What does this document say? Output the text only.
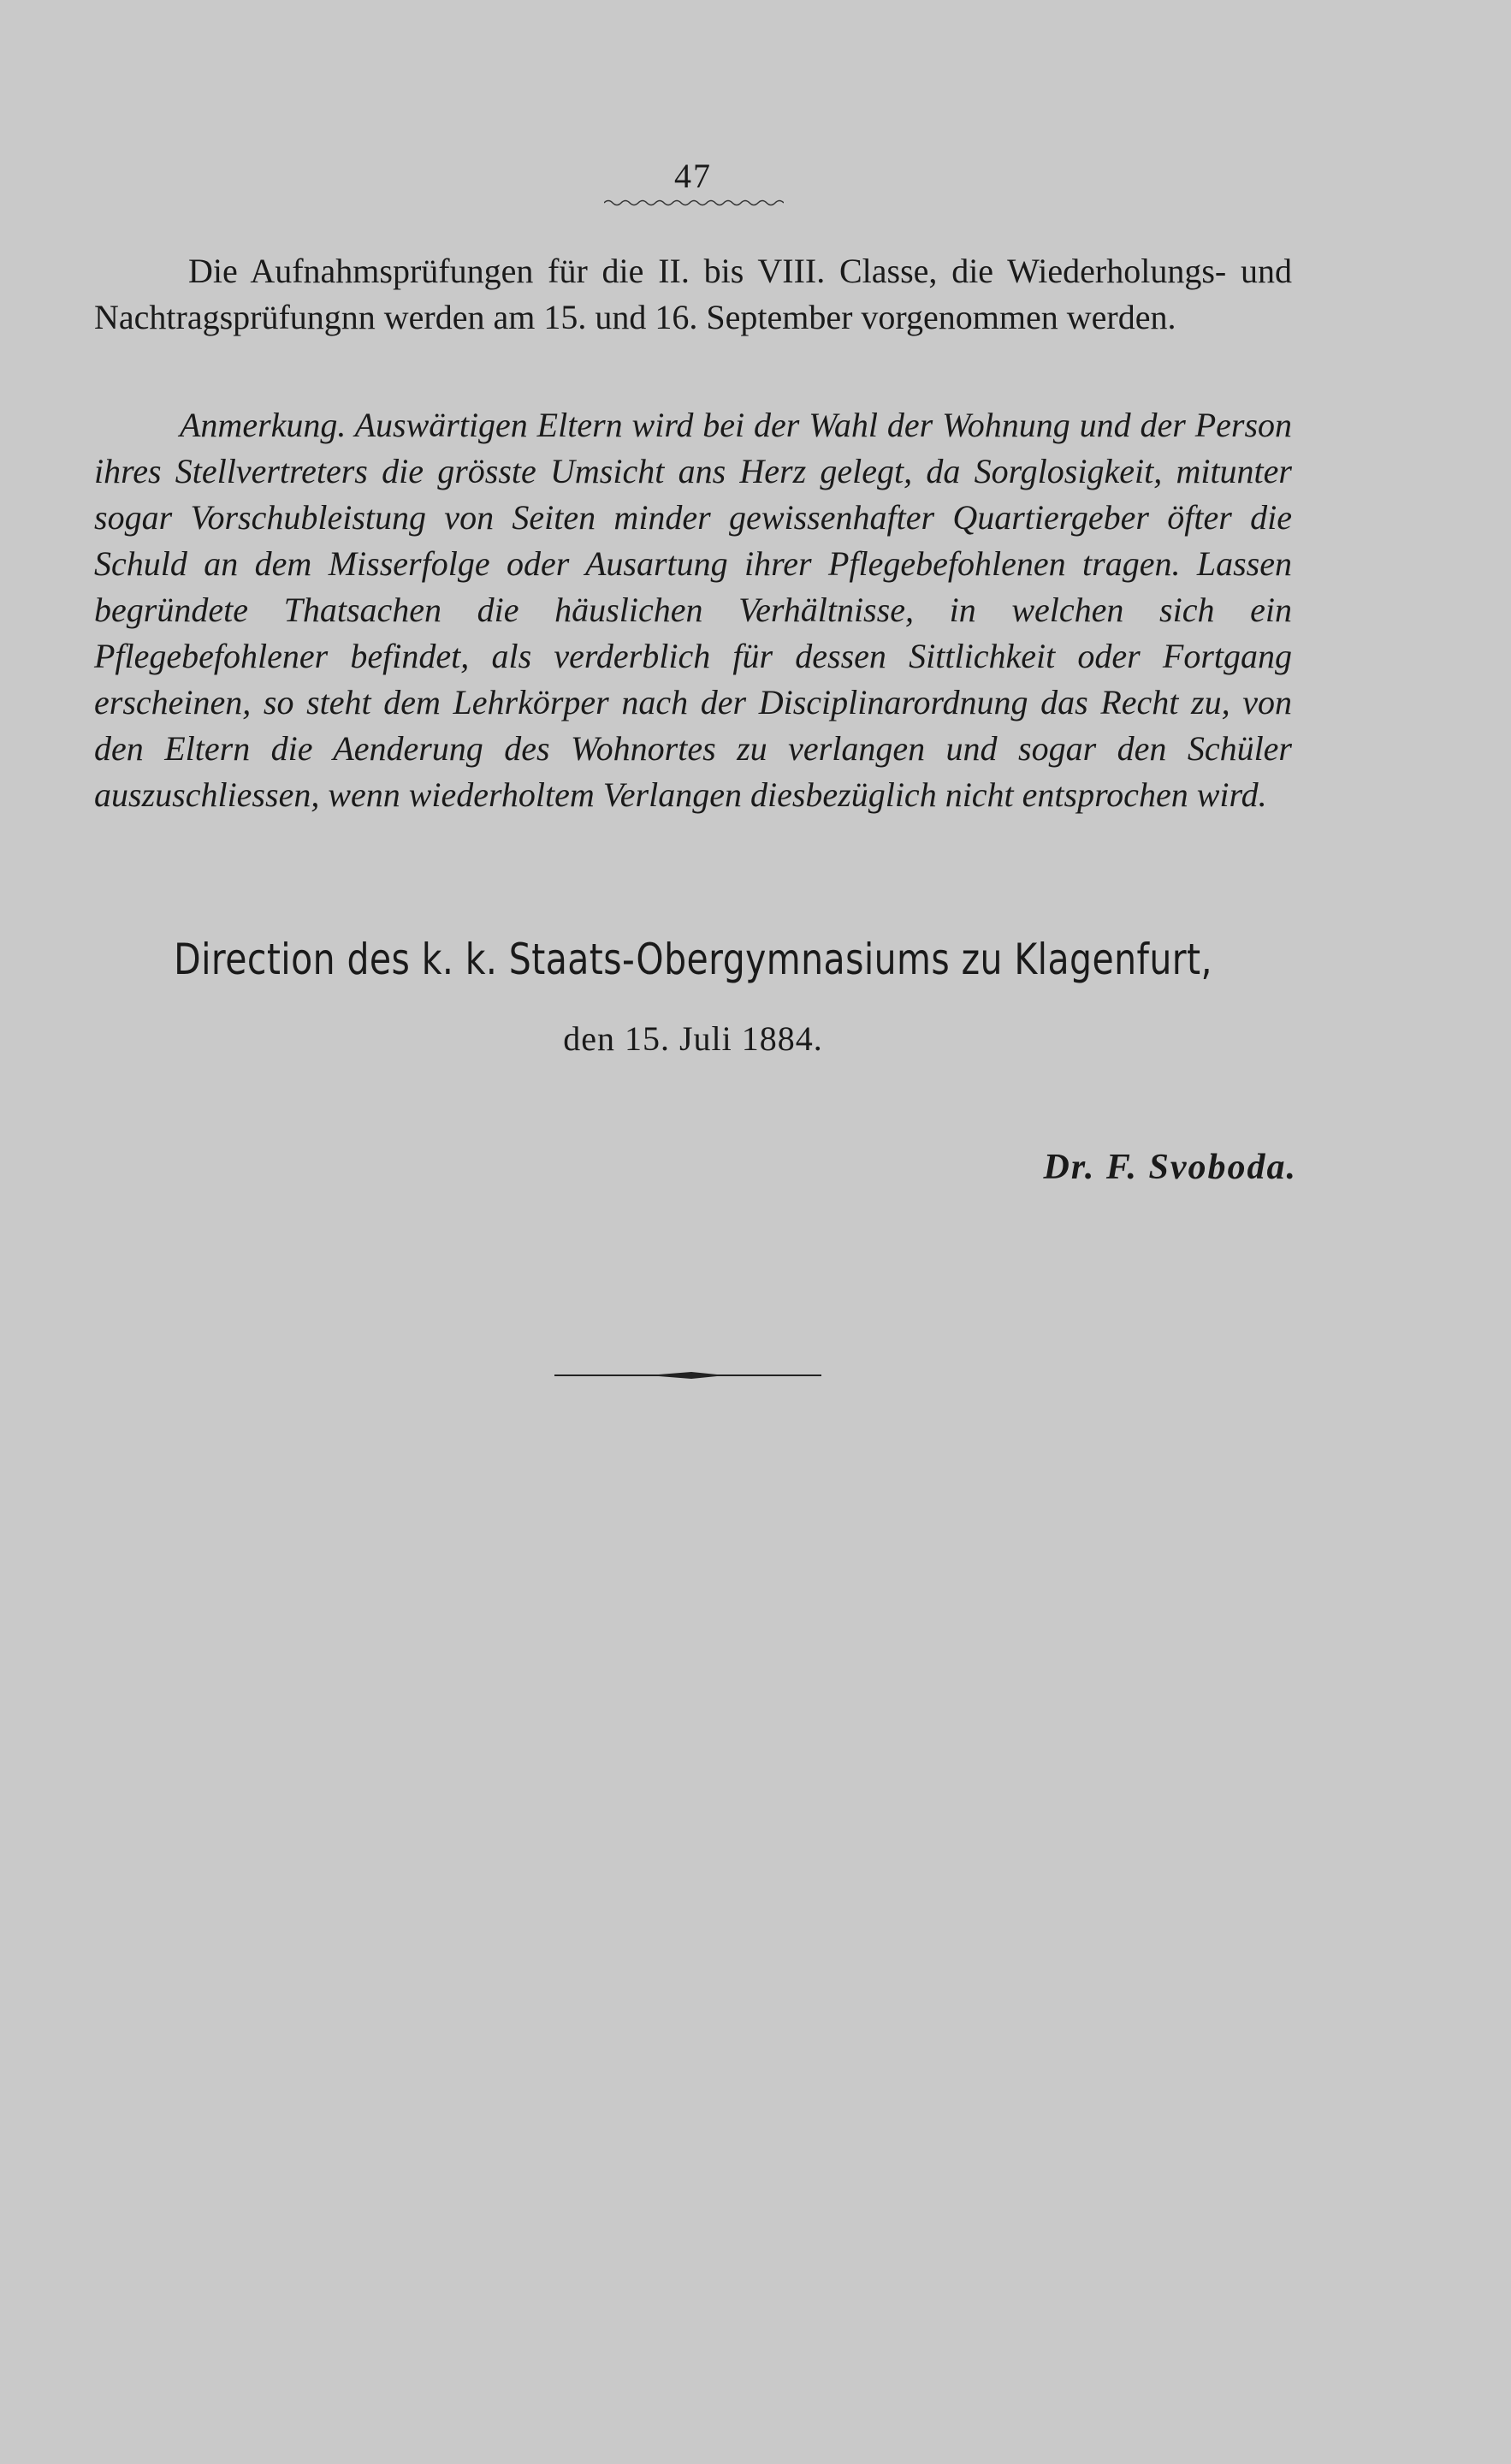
47
Die Aufnahmsprüfungen für die II. bis VIII. Classe, die Wiederholungs- und Nachtragsprüfungnn werden am 15. und 16. September vorgenommen werden.
Anmerkung. Auswärtigen Eltern wird bei der Wahl der Wohnung und der Person ihres Stellvertreters die grösste Umsicht ans Herz gelegt, da Sorglosigkeit, mitunter sogar Vorschubleistung von Seiten minder gewissenhafter Quartiergeber öfter die Schuld an dem Misserfolge oder Ausartung ihrer Pflegebefohlenen tragen. Lassen begründete Thatsachen die häuslichen Verhältnisse, in welchen sich ein Pflegebefohlener befindet, als verderblich für dessen Sittlichkeit oder Fortgang erscheinen, so steht dem Lehrkörper nach der Disciplinarordnung das Recht zu, von den Eltern die Aenderung des Wohnortes zu verlangen und sogar den Schüler auszuschliessen, wenn wiederholtem Verlangen diesbezüglich nicht entsprochen wird.
Direction des k. k. Staats-Obergymnasiums zu Klagenfurt,
den 15. Juli 1884.
Dr. F. Svoboda.
